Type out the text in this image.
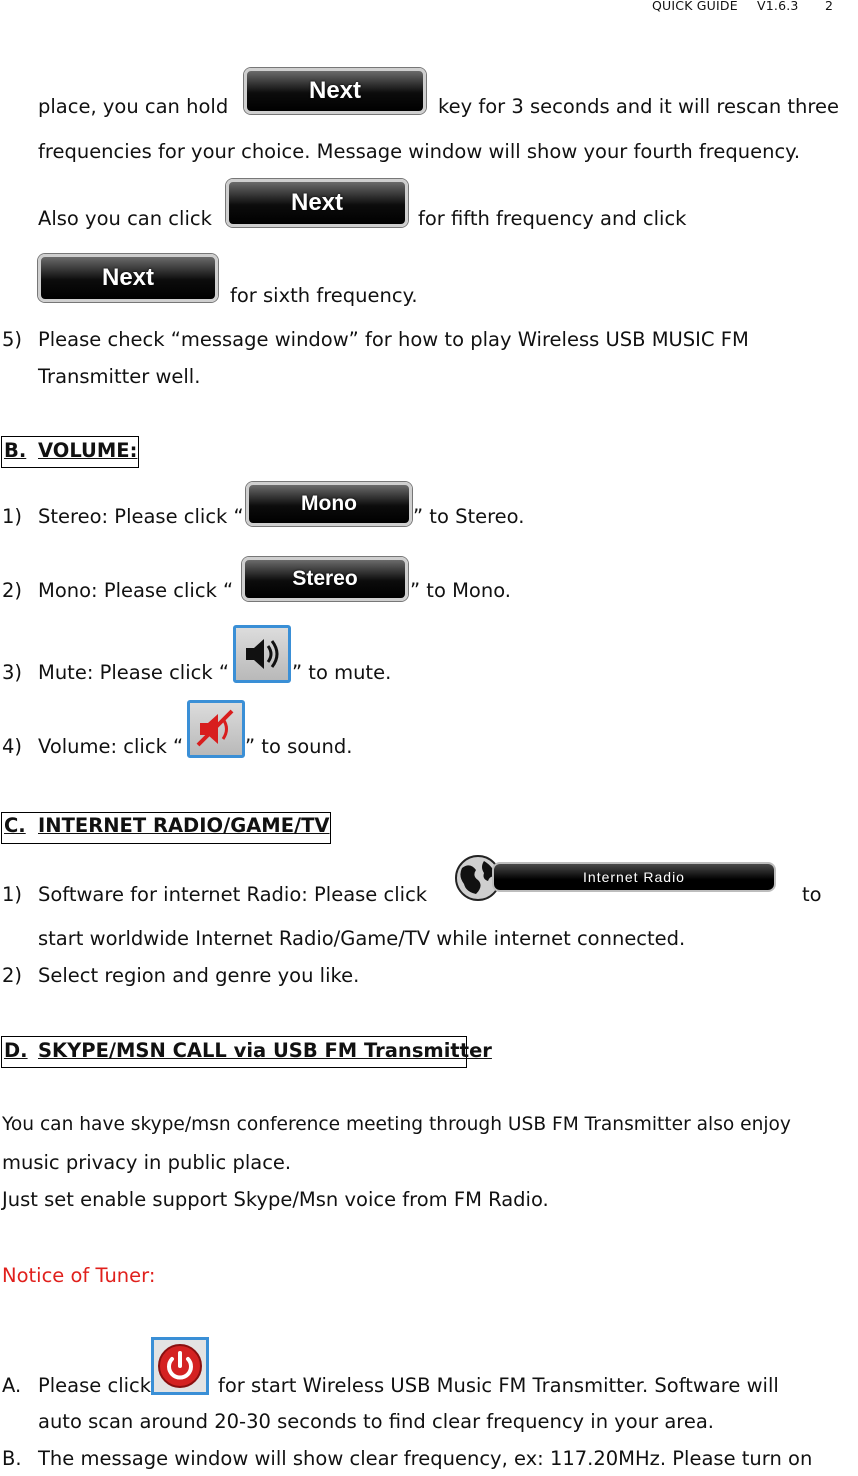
QUICK GUIDE V1.6.3 2
place, you can hold
Next
key for 3 seconds and it will rescan three
frequencies for your choice. Message window will show your fourth frequency.
Also you can click
Next
for fifth frequency and click
Next
for sixth frequency.
5) Please check “message window” for how to play Wireless USB MUSIC FM
Transmitter well.
B. VOLUME:
1) Stereo: Please click “
Mono
” to Stereo.
2) Mono: Please click “
Stereo
” to Mono.
3) Mute: Please click “	” to mute.
4) Volume: click “	” to sound.
C. INTERNET RADIO/GAME/TV
1) Software for internet Radio: Please click
Internet Radio
to
start worldwide Internet Radio/Game/TV while internet connected.
2) Select region and genre you like.
D. SKYPE/MSN CALL via USB FM Transmitter
You can have skype/msn conference meeting through USB FM Transmitter also enjoy
music privacy in public place.
Just set enable support Skype/Msn voice from FM Radio.
Notice of Tuner:
A. Please click	for start Wireless USB Music FM Transmitter. Software will
auto scan around 20-30 seconds to find clear frequency in your area.
B. The message window will show clear frequency, ex: 117.20MHz. Please turn on
